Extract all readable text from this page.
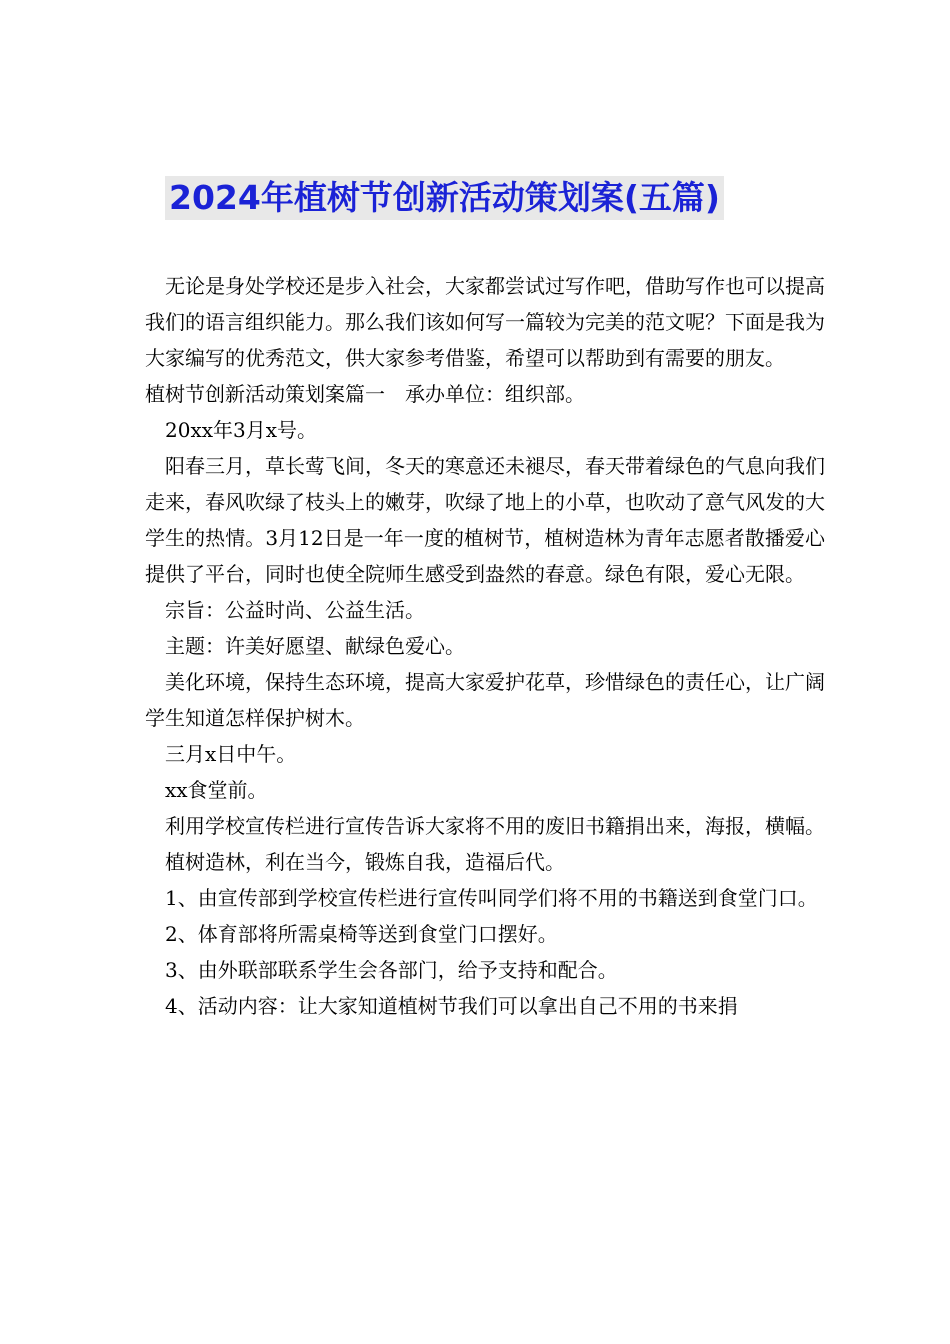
2024年植树节创新活动策划案(五篇)

无论是身处学校还是步入社会，大家都尝试过写作吧，借助写作也可以提高我们的语言组织能力。那么我们该如何写一篇较为完美的范文呢？下面是我为大家编写的优秀范文，供大家参考借鉴，希望可以帮助到有需要的朋友。

植树节创新活动策划案篇一　承办单位：组织部。

20xx年3月x号。

阳春三月，草长莺飞间，冬天的寒意还未褪尽，春天带着绿色的气息向我们走来，春风吹绿了枝头上的嫩芽，吹绿了地上的小草，也吹动了意气风发的大学生的热情。3月12日是一年一度的植树节，植树造林为青年志愿者散播爱心提供了平台，同时也使全院师生感受到盎然的春意。绿色有限，爱心无限。

宗旨：公益时尚、公益生活。

主题：许美好愿望、献绿色爱心。

美化环境，保持生态环境，提高大家爱护花草，珍惜绿色的责任心，让广阔学生知道怎样保护树木。

三月x日中午。

xx食堂前。

利用学校宣传栏进行宣传告诉大家将不用的废旧书籍捐出来，海报，横幅。

植树造林，利在当今，锻炼自我，造福后代。

1、由宣传部到学校宣传栏进行宣传叫同学们将不用的书籍送到食堂门口。

2、体育部将所需桌椅等送到食堂门口摆好。

3、由外联部联系学生会各部门，给予支持和配合。

4、活动内容：让大家知道植树节我们可以拿出自己不用的书来捐
